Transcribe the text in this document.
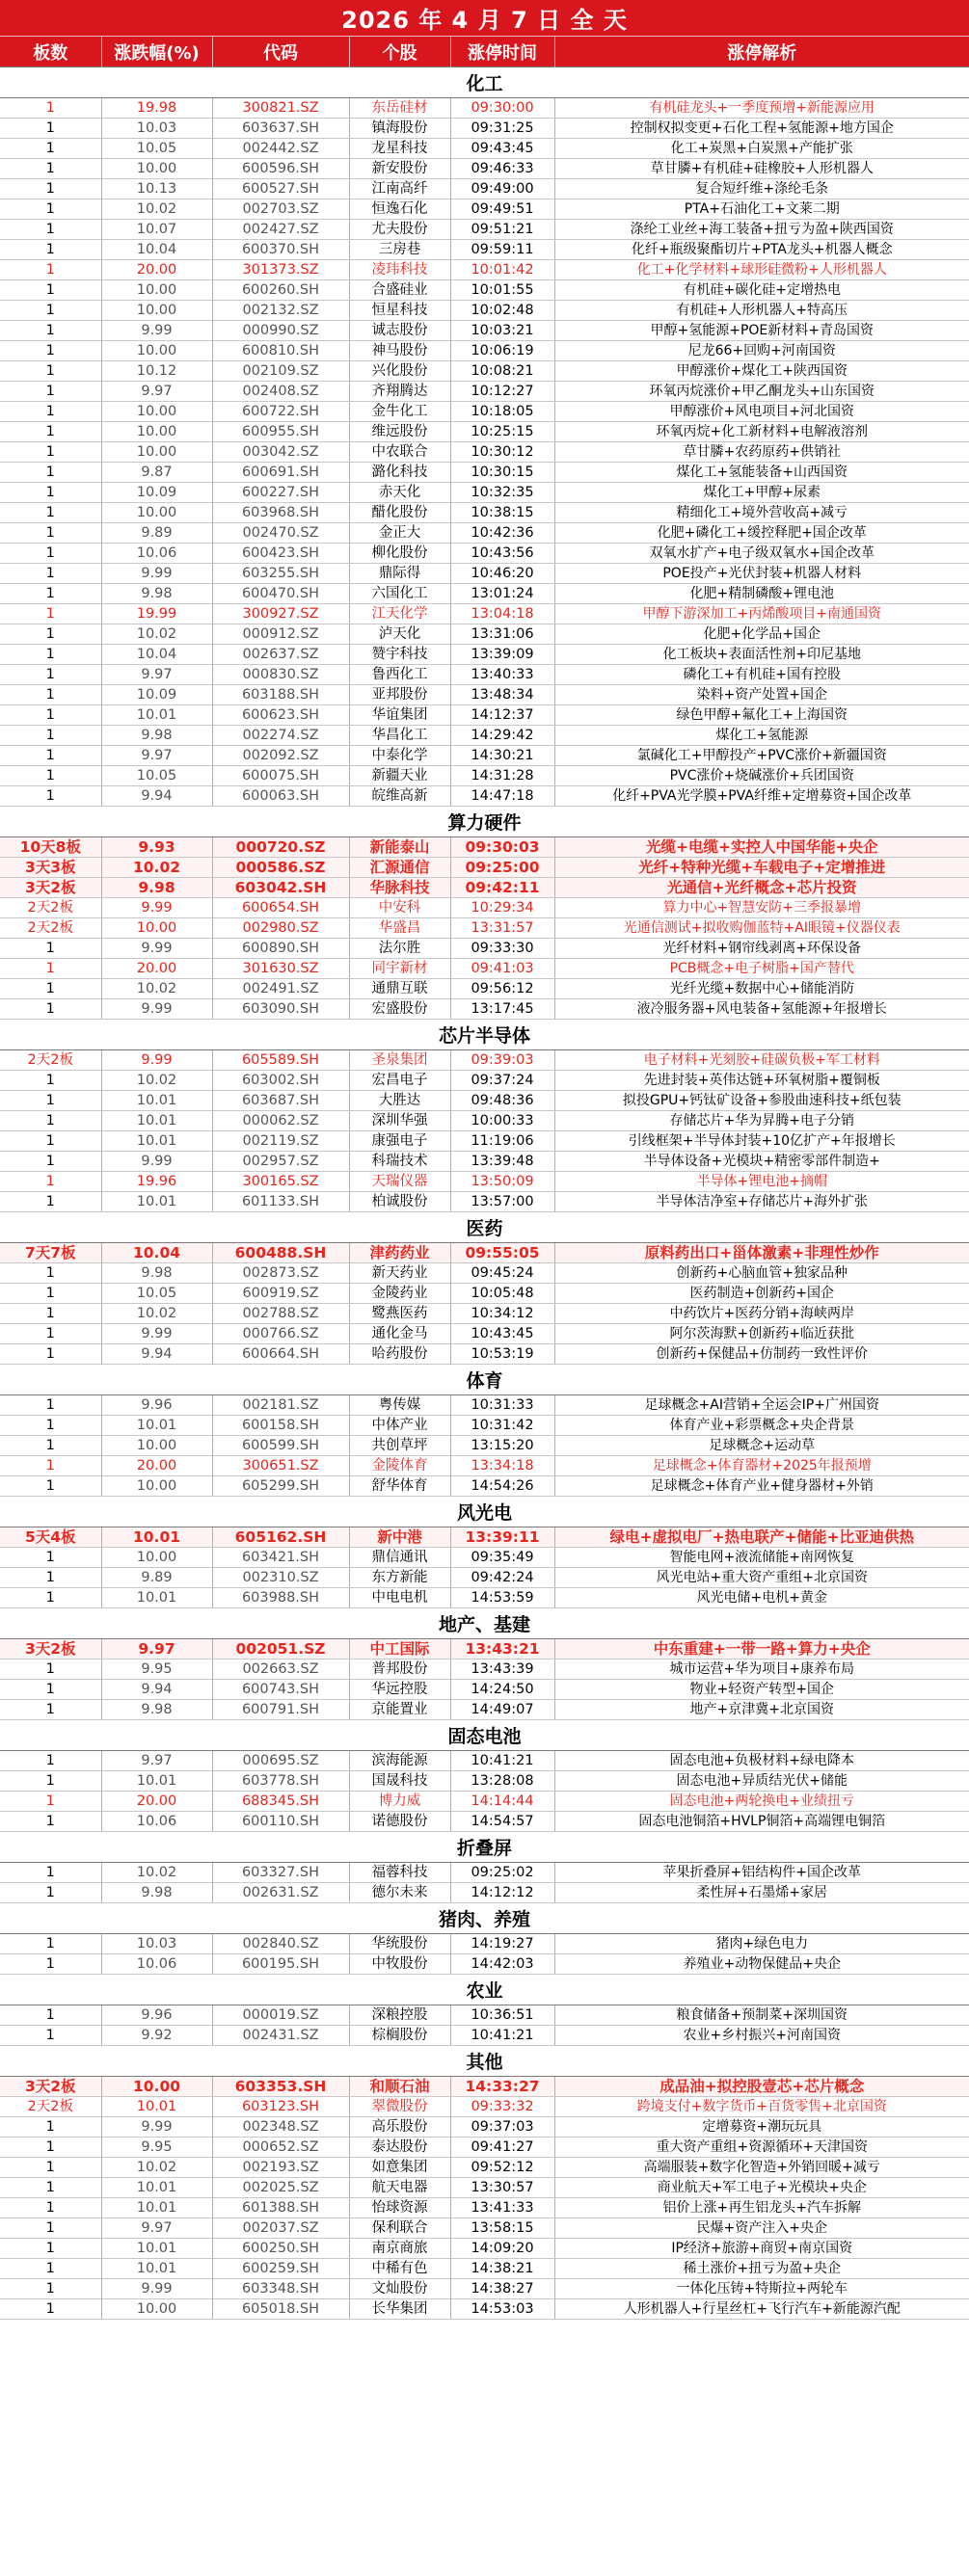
2026 年 4 月 7 日 全 天					
板数	涨跌幅(%)	代码	个股	涨停时间	涨停解析
化工					
1	19.98	300821.SZ	东岳硅材	09:30:00	有机硅龙头+一季度预增+新能源应用
1	10.03	603637.SH	镇海股份	09:31:25	控制权拟变更+石化工程+氢能源+地方国企
1	10.05	002442.SZ	龙星科技	09:43:45	化工+炭黑+白炭黑+产能扩张
1	10.00	600596.SH	新安股份	09:46:33	草甘膦+有机硅+硅橡胶+人形机器人
1	10.13	600527.SH	江南高纤	09:49:00	复合短纤维+涤纶毛条
1	10.02	002703.SZ	恒逸石化	09:49:51	PTA+石油化工+文莱二期
1	10.07	002427.SZ	尤夫股份	09:51:21	涤纶工业丝+海工装备+扭亏为盈+陕西国资
1	10.04	600370.SH	三房巷	09:59:11	化纤+瓶级聚酯切片+PTA龙头+机器人概念
1	20.00	301373.SZ	凌玮科技	10:01:42	化工+化学材料+球形硅微粉+人形机器人
1	10.00	600260.SH	合盛硅业	10:01:55	有机硅+碳化硅+定增热电
1	10.00	002132.SZ	恒星科技	10:02:48	有机硅+人形机器人+特高压
1	9.99	000990.SZ	诚志股份	10:03:21	甲醇+氢能源+POE新材料+青岛国资
1	10.00	600810.SH	神马股份	10:06:19	尼龙66+回购+河南国资
1	10.12	002109.SZ	兴化股份	10:08:21	甲醇涨价+煤化工+陕西国资
1	9.97	002408.SZ	齐翔腾达	10:12:27	环氧丙烷涨价+甲乙酮龙头+山东国资
1	10.00	600722.SH	金牛化工	10:18:05	甲醇涨价+风电项目+河北国资
1	10.00	600955.SH	维远股份	10:25:15	环氧丙烷+化工新材料+电解液溶剂
1	10.00	003042.SZ	中农联合	10:30:12	草甘膦+农药原药+供销社
1	9.87	600691.SH	潞化科技	10:30:15	煤化工+氢能装备+山西国资
1	10.09	600227.SH	赤天化	10:32:35	煤化工+甲醇+尿素
1	10.00	603968.SH	醋化股份	10:38:15	精细化工+境外营收高+减亏
1	9.89	002470.SZ	金正大	10:42:36	化肥+磷化工+缓控释肥+国企改革
1	10.06	600423.SH	柳化股份	10:43:56	双氧水扩产+电子级双氧水+国企改革
1	9.99	603255.SH	鼎际得	10:46:20	POE投产+光伏封装+机器人材料
1	9.98	600470.SH	六国化工	13:01:24	化肥+精制磷酸+锂电池
1	19.99	300927.SZ	江天化学	13:04:18	甲醇下游深加工+丙烯酸项目+南通国资
1	10.02	000912.SZ	泸天化	13:31:06	化肥+化学品+国企
1	10.04	002637.SZ	赞宇科技	13:39:09	化工板块+表面活性剂+印尼基地
1	9.97	000830.SZ	鲁西化工	13:40:33	磷化工+有机硅+国有控股
1	10.09	603188.SH	亚邦股份	13:48:34	染料+资产处置+国企
1	10.01	600623.SH	华谊集团	14:12:37	绿色甲醇+氟化工+上海国资
1	9.98	002274.SZ	华昌化工	14:29:42	煤化工+氢能源
1	9.97	002092.SZ	中泰化学	14:30:21	氯碱化工+甲醇投产+PVC涨价+新疆国资
1	10.05	600075.SH	新疆天业	14:31:28	PVC涨价+烧碱涨价+兵团国资
1	9.94	600063.SH	皖维高新	14:47:18	化纤+PVA光学膜+PVA纤维+定增募资+国企改革
算力硬件					
10天8板	9.93	000720.SZ	新能泰山	09:30:03	光缆+电缆+实控人中国华能+央企
3天3板	10.02	000586.SZ	汇源通信	09:25:00	光纤+特种光缆+车载电子+定增推进
3天2板	9.98	603042.SH	华脉科技	09:42:11	光通信+光纤概念+芯片投资
2天2板	9.99	600654.SH	中安科	10:29:34	算力中心+智慧安防+三季报暴增
2天2板	10.00	002980.SZ	华盛昌	13:31:57	光通信测试+拟收购伽蓝特+AI眼镜+仪器仪表
1	9.99	600890.SH	法尔胜	09:33:30	光纤材料+钢帘线剥离+环保设备
1	20.00	301630.SZ	同宇新材	09:41:03	PCB概念+电子树脂+国产替代
1	10.02	002491.SZ	通鼎互联	09:56:12	光纤光缆+数据中心+储能消防
1	9.99	603090.SH	宏盛股份	13:17:45	液冷服务器+风电装备+氢能源+年报增长
芯片半导体					
2天2板	9.99	605589.SH	圣泉集团	09:39:03	电子材料+光刻胶+硅碳负极+军工材料
1	10.02	603002.SH	宏昌电子	09:37:24	先进封装+英伟达链+环氧树脂+覆铜板
1	10.01	603687.SH	大胜达	09:48:36	拟投GPU+钙钛矿设备+参股曲速科技+纸包装
1	10.01	000062.SZ	深圳华强	10:00:33	存储芯片+华为昇腾+电子分销
1	10.01	002119.SZ	康强电子	11:19:06	引线框架+半导体封装+10亿扩产+年报增长
1	9.99	002957.SZ	科瑞技术	13:39:48	半导体设备+光模块+精密零部件制造+
1	19.96	300165.SZ	天瑞仪器	13:50:09	半导体+锂电池+摘帽
1	10.01	601133.SH	柏诚股份	13:57:00	半导体洁净室+存储芯片+海外扩张
医药					
7天7板	10.04	600488.SH	津药药业	09:55:05	原料药出口+甾体激素+非理性炒作
1	9.98	002873.SZ	新天药业	09:45:24	创新药+心脑血管+独家品种
1	10.05	600919.SZ	金陵药业	10:05:48	医药制造+创新药+国企
1	10.02	002788.SZ	鹭燕医药	10:34:12	中药饮片+医药分销+海峡两岸
1	9.99	000766.SZ	通化金马	10:43:45	阿尔茨海默+创新药+临近获批
1	9.94	600664.SH	哈药股份	10:53:19	创新药+保健品+仿制药一致性评价
体育					
1	9.96	002181.SZ	粤传媒	10:31:33	足球概念+AI营销+全运会IP+广州国资
1	10.01	600158.SH	中体产业	10:31:42	体育产业+彩票概念+央企背景
1	10.00	600599.SH	共创草坪	13:15:20	足球概念+运动草
1	20.00	300651.SZ	金陵体育	13:34:18	足球概念+体育器材+2025年报预增
1	10.00	605299.SH	舒华体育	14:54:26	足球概念+体育产业+健身器材+外销
风光电					
5天4板	10.01	605162.SH	新中港	13:39:11	绿电+虚拟电厂+热电联产+储能+比亚迪供热
1	10.00	603421.SH	鼎信通讯	09:35:49	智能电网+液流储能+南网恢复
1	9.89	002310.SZ	东方新能	09:42:24	风光电站+重大资产重组+北京国资
1	10.01	603988.SH	中电电机	14:53:59	风光电储+电机+黄金
地产、基建					
3天2板	9.97	002051.SZ	中工国际	13:43:21	中东重建+一带一路+算力+央企
1	9.95	002663.SZ	普邦股份	13:43:39	城市运营+华为项目+康养布局
1	9.94	600743.SH	华远控股	14:24:50	物业+轻资产转型+国企
1	9.98	600791.SH	京能置业	14:49:07	地产+京津冀+北京国资
固态电池					
1	9.97	000695.SZ	滨海能源	10:41:21	固态电池+负极材料+绿电降本
1	10.01	603778.SH	国晟科技	13:28:08	固态电池+异质结光伏+储能
1	20.00	688345.SH	博力威	14:14:44	固态电池+两轮换电+业绩扭亏
1	10.06	600110.SH	诺德股份	14:54:57	固态电池铜箔+HVLP铜箔+高端锂电铜箔
折叠屏					
1	10.02	603327.SH	福蓉科技	09:25:02	苹果折叠屏+铝结构件+国企改革
1	9.98	002631.SZ	德尔未来	14:12:12	柔性屏+石墨烯+家居
猪肉、养殖					
1	10.03	002840.SZ	华统股份	14:19:27	猪肉+绿色电力
1	10.06	600195.SH	中牧股份	14:42:03	养殖业+动物保健品+央企
农业					
1	9.96	000019.SZ	深粮控股	10:36:51	粮食储备+预制菜+深圳国资
1	9.92	002431.SZ	棕榈股份	10:41:21	农业+乡村振兴+河南国资
其他					
3天2板	10.00	603353.SH	和顺石油	14:33:27	成品油+拟控股壹芯+芯片概念
2天2板	10.01	603123.SH	翠微股份	09:33:32	跨境支付+数字货币+百货零售+北京国资
1	9.99	002348.SZ	高乐股份	09:37:03	定增募资+潮玩玩具
1	9.95	000652.SZ	泰达股份	09:41:27	重大资产重组+资源循环+天津国资
1	10.02	002193.SZ	如意集团	09:52:12	高端服装+数字化智造+外销回暖+减亏
1	10.01	002025.SZ	航天电器	13:30:57	商业航天+军工电子+光模块+央企
1	10.01	601388.SH	怡球资源	13:41:33	铝价上涨+再生铝龙头+汽车拆解
1	9.97	002037.SZ	保利联合	13:58:15	民爆+资产注入+央企
1	10.01	600250.SH	南京商旅	14:09:20	IP经济+旅游+商贸+南京国资
1	10.01	600259.SH	中稀有色	14:38:21	稀土涨价+扭亏为盈+央企
1	9.99	603348.SH	文灿股份	14:38:27	一体化压铸+特斯拉+两轮车
1	10.00	605018.SH	长华集团	14:53:03	人形机器人+行星丝杠+飞行汽车+新能源汽配
